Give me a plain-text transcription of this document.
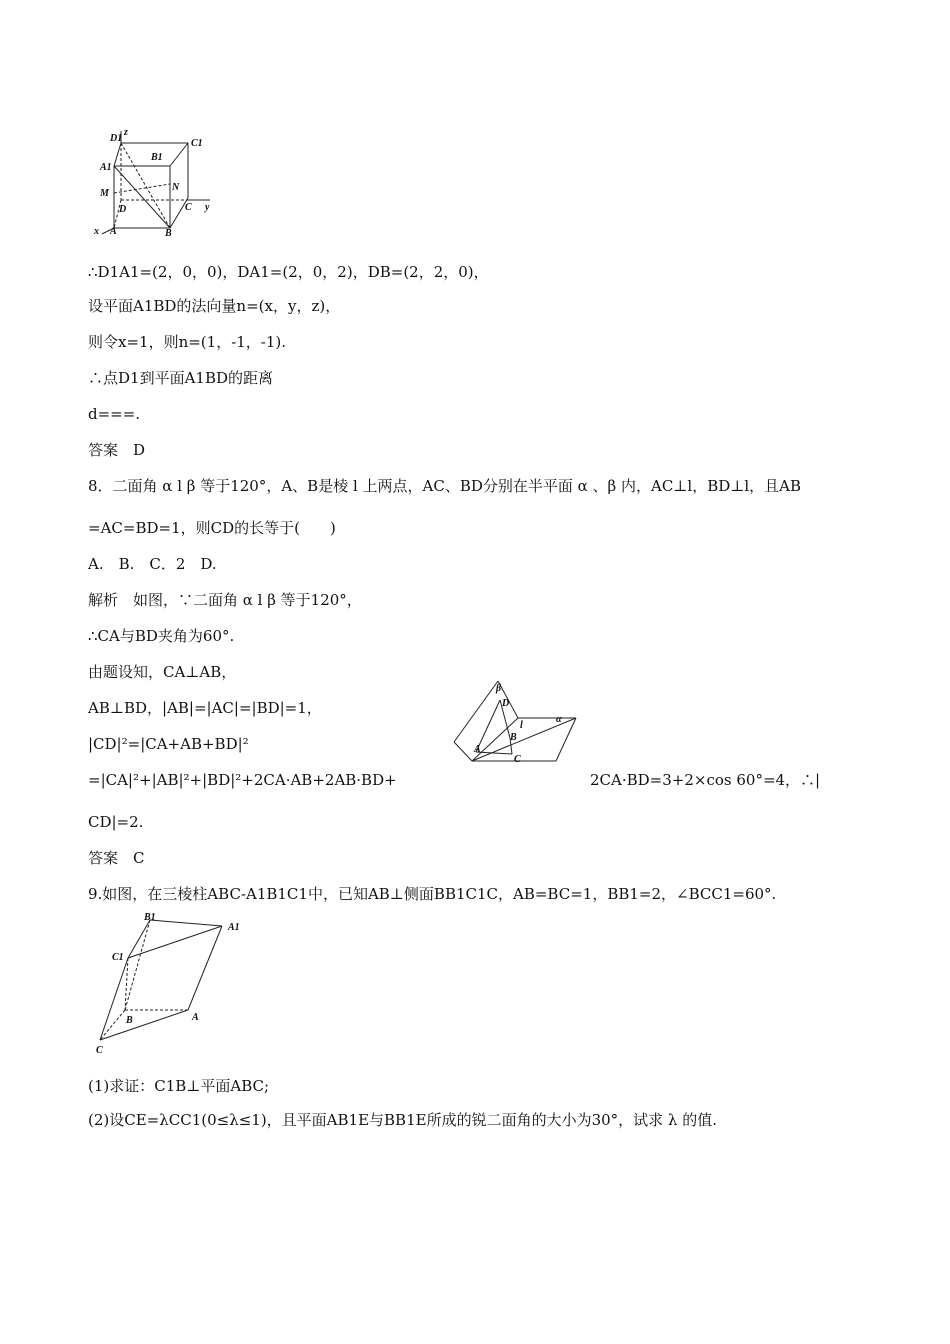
D1
z
C1
B1
A1
M
N
D	C y
x A	B
∴D1A1=(2，0，0)，DA1=(2，0，2)，DB=(2，2，0)，
设平面A1BD的法向量n=(x，y，z)，
则令x=1，则n=(1，-1，-1).
∴点D1到平面A1BD的距离
d===.
答案　D
8．二面角 α l β 等于120°，A、B是棱 l 上两点，AC、BD分别在半平面 α 、β 内，AC⊥l，BD⊥l，且AB
=AC=BD=1，则CD的长等于(　　)
A.　B.　C．2　D.
解析　如图，∵二面角 α l β 等于120°，
∴CA与BD夹角为60°.
由题设知，CA⊥AB，
AB⊥BD，|AB|=|AC|=|BD|=1，
|CD|²=|CA+AB+BD|²
=|CA|²+|AB|²+|BD|²+2CA·AB+2AB·BD+	2CA·BD=3+2×cos 60°=4，∴|
CD|=2.
答案　C
β
D
l
α
B
A
C
9.如图，在三棱柱ABC-A1B1C1中，已知AB⊥侧面BB1C1C，AB=BC=1，BB1=2，∠BCC1=60°.
B1
A1
C1
B	A
C
(1)求证：C1B⊥平面ABC;
(2)设CE=λCC1(0≤λ≤1)，且平面AB1E与BB1E所成的锐二面角的大小为30°，试求 λ 的值.
